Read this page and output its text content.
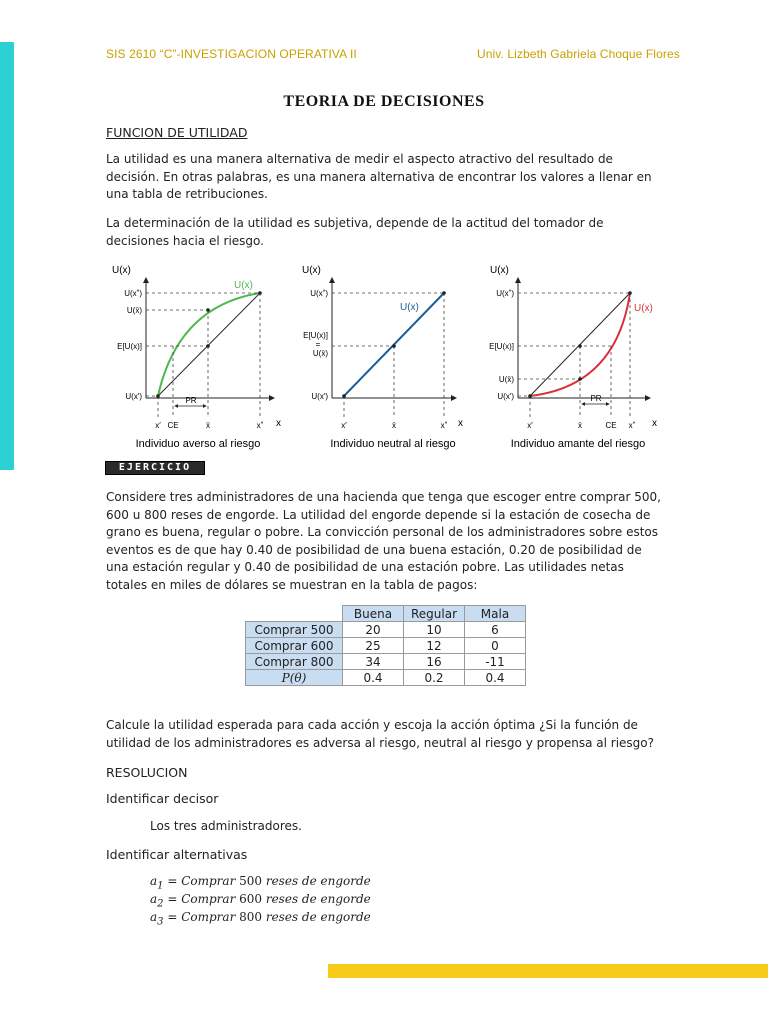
SIS 2610 “C”-INVESTIGACION OPERATIVA II	Univ. Lizbeth Gabriela Choque Flores
TEORIA DE DECISIONES
FUNCION DE UTILIDAD
La utilidad es una manera alternativa de medir el aspecto atractivo del resultado de decisión. En otras palabras, es una manera alternativa de encontrar los valores a llenar en una tabla de retribuciones.
La determinación de la utilidad es subjetiva, depende de la actitud del tomador de decisiones hacia el riesgo.
U(x)
x
U(x)
U(xˮ)
U(x̄)
E[U(x)]
U(x′)
x′ CE	x̄	xˮ
PR
Individuo averso al riesgo
U(x)
x
U(x)
U(xˮ)
E[U(x)]
=
U(x̄)
U(x′)
x′	x̄	xˮ
Individuo neutral al riesgo
U(x)
x
U(x)
U(xˮ)
E[U(x)]
U(x̄)
U(x′)
x′	x̄	CE xˮ
PR
Individuo amante del riesgo
EJERCICIO
Considere tres administradores de una hacienda que tenga que escoger entre comprar 500, 600 u 800 reses de engorde. La utilidad del engorde depende si la estación de cosecha de grano es buena, regular o pobre. La convicción personal de los administradores sobre estos eventos es de que hay 0.40 de posibilidad de una buena estación, 0.20 de posibilidad de una estación regular y 0.40 de posibilidad de una estación pobre. Las utilidades netas totales en miles de dólares se muestran en la tabla de pagos:
	Buena	Regular	Mala
Comprar 500	20	10	6
Comprar 600	25	12	0
Comprar 800	34	16	-11
P(θ)	0.4	0.2	0.4
Calcule la utilidad esperada para cada acción y escoja la acción óptima ¿Si la función de utilidad de los administradores es adversa al riesgo, neutral al riesgo y propensa al riesgo?
RESOLUCION
Identificar decisor
Los tres administradores.
Identificar alternativas
$a_1$ = Comprar 500 reses de engorde
$a_2$ = Comprar 600 reses de engorde
$a_3$ = Comprar 800 reses de engorde
